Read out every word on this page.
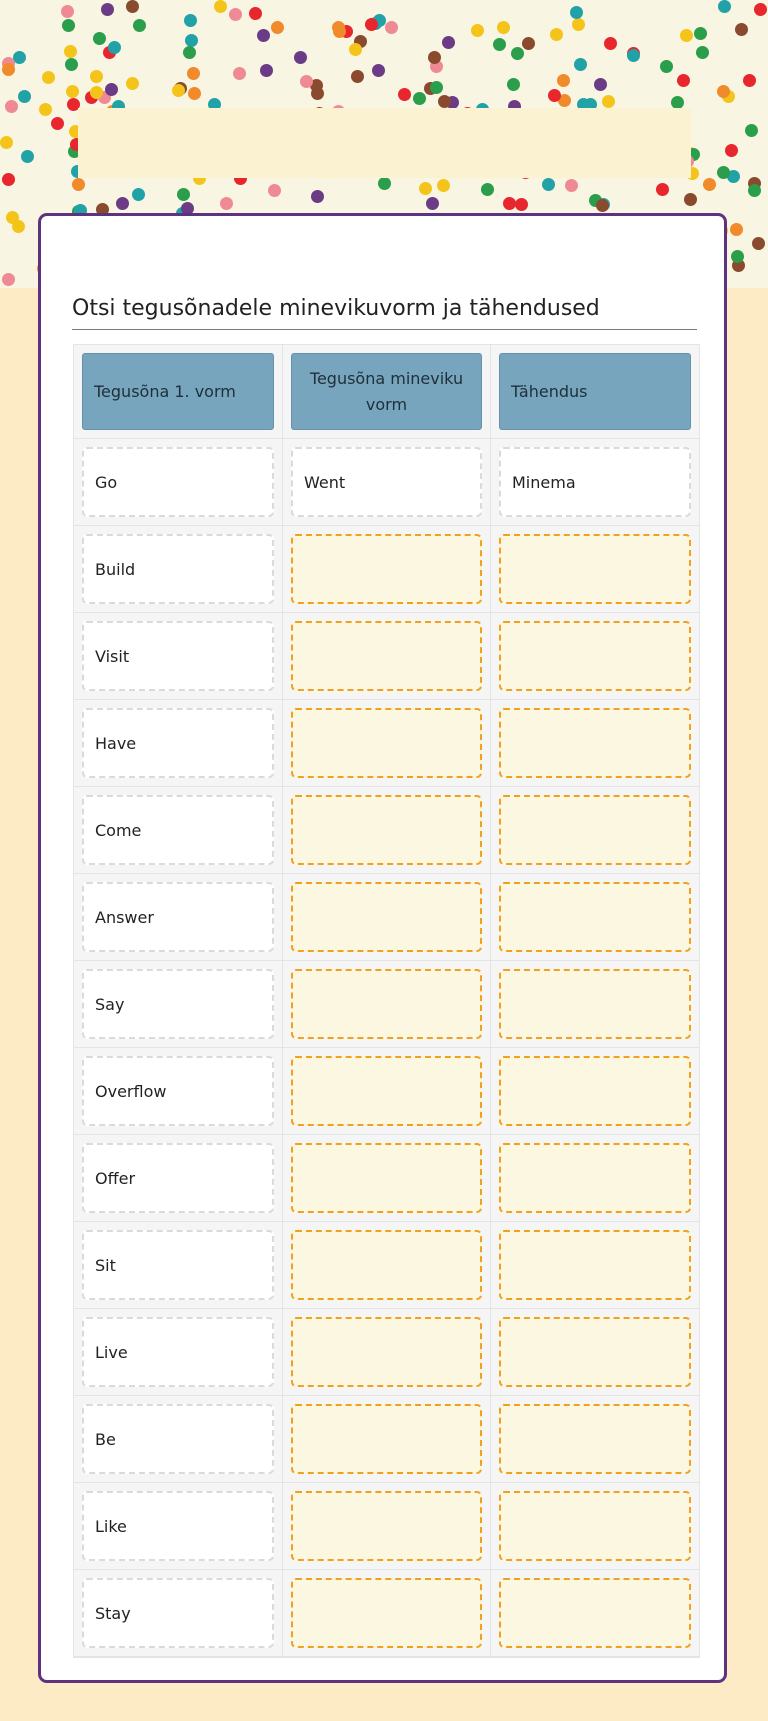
Otsi tegusõnadele minevikuvorm ja tähendused
Tegusõna 1. vorm
Tegusõna mineviku vorm
Tähendus
Go	Went	Minema
Build
Visit
Have
Come
Answer
Say
Overflow
Offer
Sit
Live
Be
Like
Stay
